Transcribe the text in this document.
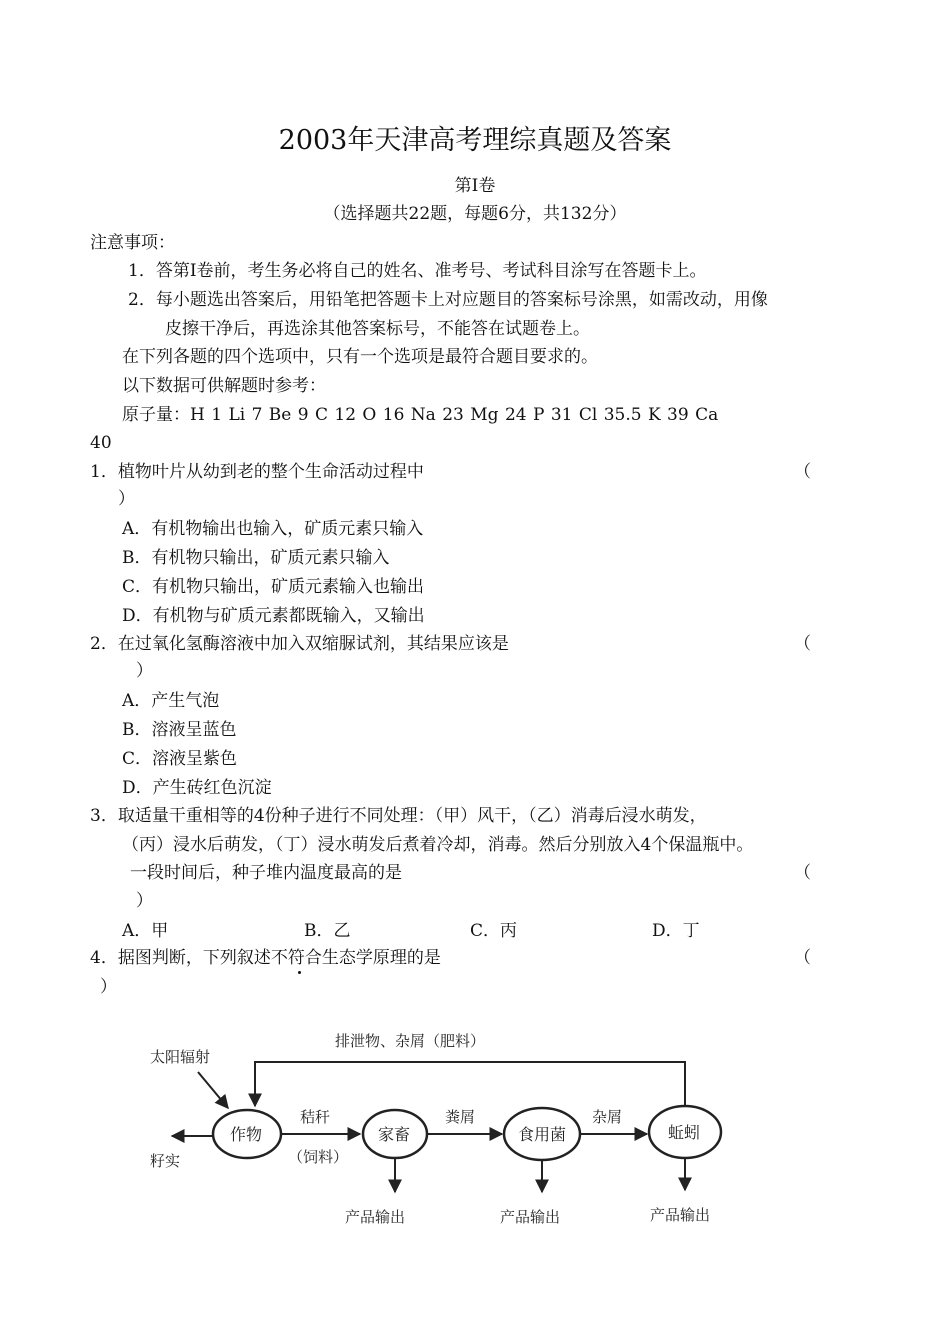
2003年天津高考理综真题及答案
第Ⅰ卷
（选择题共22题，每题6分，共132分）
注意事项：
1．答第Ⅰ卷前，考生务必将自己的姓名、准考号、考试科目涂写在答题卡上。
2．每小题选出答案后，用铅笔把答题卡上对应题目的答案标号涂黑，如需改动，用像
皮擦干净后，再选涂其他答案标号，不能答在试题卷上。
在下列各题的四个选项中，只有一个选项是最符合题目要求的。
以下数据可供解题时参考：
原子量：H 1 Li 7 Be 9 C 12 O 16 Na 23 Mg 24 P 31 Cl 35.5 K 39 Ca
40
1．植物叶片从幼到老的整个生命活动过程中	（
）
A．有机物输出也输入，矿质元素只输入
B．有机物只输出，矿质元素只输入
C．有机物只输出，矿质元素输入也输出
D．有机物与矿质元素都既输入，又输出
2．在过氧化氢酶溶液中加入双缩脲试剂，其结果应该是	（
）
A．产生气泡
B．溶液呈蓝色
C．溶液呈紫色
D．产生砖红色沉淀
3．取适量干重相等的4份种子进行不同处理：（甲）风干，（乙）消毒后浸水萌发，
（丙）浸水后萌发，（丁）浸水萌发后煮着冷却，消毒。然后分别放入4个保温瓶中。
一段时间后，种子堆内温度最高的是	（
）
A．甲	B．乙	C．丙	D．丁
4．据图判断，下列叙述不符合生态学原理的是	（
）
排泄物、杂屑（肥料）
太阳辐射
作物	家畜	食用菌	蚯蚓
籽实
秸秆
（饲料）
粪屑	杂屑
产品输出	产品输出	产品输出
